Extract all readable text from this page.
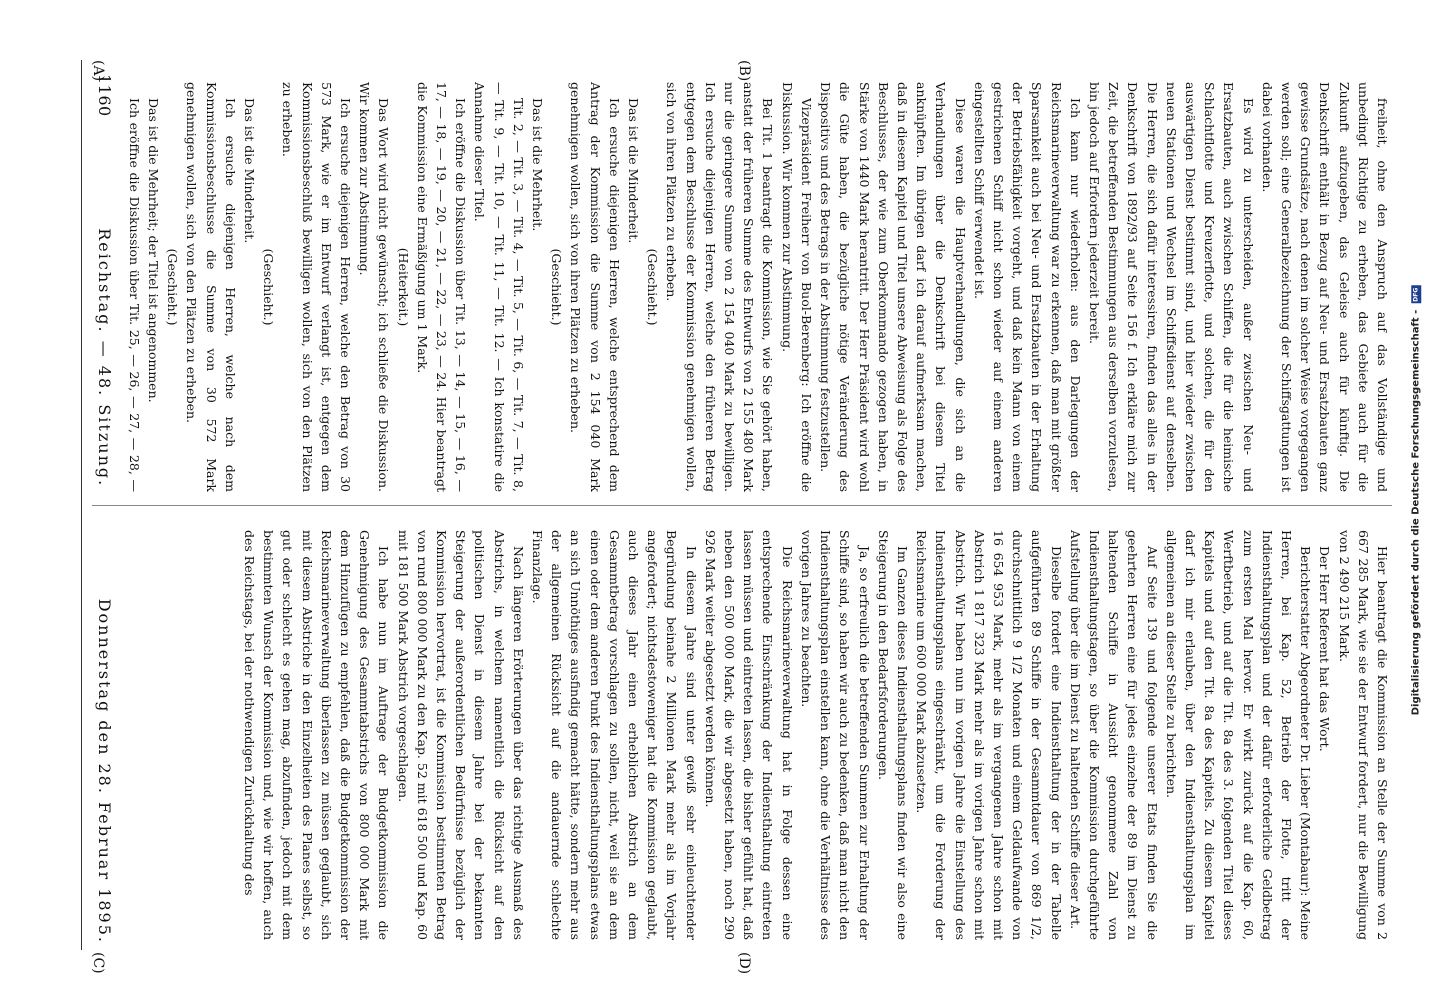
1160
Reichstag. — 48. Sitzung.
Donnerstag den 28. Februar 1895.
(A)	(B)
(C)	(D)

freiheit, ohne den Anspruch auf das Vollständige und unbedingt Richtige zu erheben, das Gebiete auch für die Zukunft aufzugeben, das Geleise auch für künftig. Die Denkschrift enthält in Bezug auf Neu- und Ersatzbauten ganz gewisse Grundsätze, nach denen im solcher Weise vorgegangen werden soll; eine Generalbezeichnung der Schiffsgattungen ist dabei vorhanden.

Es wird zu unterscheiden, außer zwischen Neu- und Ersatzbauten, auch zwischen Schiffen, die für die heimische Schlachtflotte und Kreuzerflotte, und solchen, die für den auswärtigen Dienst bestimmt sind, und hier wieder zwischen neuen Stationen und Wechsel im Schiffsdienst auf denselben. Die Herren, die sich dafür interessiren, finden das alles in der Denkschrift von 1892/93 auf Seite 156 f. Ich erkläre mich zur Zeit, die betreffenden Bestimmungen aus derselben vorzulesen, bin jedoch auf Erfordern jederzeit bereit.

Ich kann nur wiederholen: aus den Darlegungen der Reichsmarineverwaltung war zu erkennen, daß man mit größter Sparsamkeit auch bei Neu- und Ersatzbauten in der Erhaltung der Betriebsfähigkeit vorgeht, und daß kein Mann von einem gestrichenen Schiff nicht schon wieder auf einem anderen eingestellten Schiff verwendet ist.

Diese waren die Hauptverhandlungen, die sich an die Verhandlungen über die Denkschrift bei diesem Titel anknüpften. Im übrigen darf ich darauf aufmerksam machen, daß in diesem Kapitel und Titel unsere Abweisung als Folge des Beschlusses, der wie zum Oberkommando gezogen haben, in Stärke von 1440 Mark herantritt. Der Herr Präsident wird wohl die Güte haben, die bezügliche nötige Veränderung des Dispositivs und des Betrags in der Abstimmung festzustellen.

Vizepräsident Freiherr von Buol-Berenberg: Ich eröffne die Diskussion. Wir kommen zur Abstimmung.

Bei Tit. 1 beantragt die Kommission, wie Sie gehört haben, anstatt der früheren Summe des Entwurfs von 2 155 480 Mark nur die geringere Summe von 2 154 040 Mark zu bewilligen. Ich ersuche diejenigen Herren, welche den früheren Betrag entgegen dem Beschlusse der Kommission genehmigen wollen, sich von ihren Plätzen zu erheben.

(Geschieht.)

Das ist die Minderheit.

Ich ersuche diejenigen Herren, welche entsprechend dem Antrag der Kommission die Summe von 2 154 040 Mark genehmigen wollen, sich von ihren Plätzen zu erheben.

(Geschieht.)

Das ist die Mehrheit.

Tit. 2, — Tit. 3, — Tit. 4, — Tit. 5, — Tit. 6, — Tit. 7, — Tit. 8, — Tit. 9, — Tit. 10, — Tit. 11, — Tit. 12. — Ich konstatire die Annahme dieser Titel.

Ich eröffne die Diskussion über Tit. 13, — 14, — 15, — 16, — 17, — 18, — 19, — 20, — 21, — 22, — 23, — 24. Hier beantragt die Kommission eine Ermäßigung um 1 Mark.

(Heiterkeit.)

Das Wort wird nicht gewünscht; ich schließe die Diskussion. Wir kommen zur Abstimmung.

Ich ersuche diejenigen Herren, welche den Betrag von 30 573 Mark, wie er im Entwurf verlangt ist, entgegen dem Kommissionsbeschluß bewilligen wollen, sich von den Plätzen zu erheben.

(Geschieht.)

Das ist die Minderheit.

Ich ersuche diejenigen Herren, welche nach dem Kommissionsbeschlusse die Summe von 30 572 Mark genehmigen wollen, sich von den Plätzen zu erheben.

(Geschieht.)

Das ist die Mehrheit; der Titel ist angenommen.

Ich eröffne die Diskussion über Tit. 25, — 26, — 27, — 28, —

Hier beantragt die Kommission an Stelle der Summe von 2 667 285 Mark, wie sie der Entwurf fordert, nur die Bewilligung von 2 490 215 Mark.

Der Herr Referent hat das Wort.

Berichterstatter Abgeordneter Dr. Lieber (Montabaur): Meine Herren, bei Kap. 52, Betrieb der Flotte, tritt der Indiensthaltungsplan und der dafür erforderliche Geldbetrag zum ersten Mal hervor. Er wirkt zurück auf die Kap. 60, Werftbetrieb, und auf die Tit. 8a des 3. folgenden Titel dieses Kapitels und auf den Tit. 8a des Kapitels. Zu diesem Kapitel darf ich mir erlauben, über den Indiensthaltungsplan im allgemeinen an dieser Stelle zu berichten.

Auf Seite 139 und folgende unserer Etats finden Sie die geehrten Herren eine für jedes einzelne der 89 im Dienst zu haltenden Schiffe in Aussicht genommene Zahl von Indiensthaltungstagen, so über die Kommission durchgeführte Aufstellung über die im Dienst zu haltenden Schiffe dieser Art.

Dieselbe fordert eine Indiensthaltung der in der Tabelle aufgeführten 89 Schiffe in der Gesammtdauer von 869 1/2, durchschnittlich 9 1/2 Monaten und einem Geldaufwande von 16 654 953 Mark, mehr als im vergangenen Jahre schon mit Abstrich 1 817 323 Mark mehr als im vorigen Jahre schon mit Abstrich. Wir haben nun im vorigen Jahre die Einstellung des Indiensthaltungsplans eingeschränkt, um die Forderung der Reichsmarine um 600 000 Mark abzusetzen.

Im Ganzen dieses Indiensthaltungsplans finden wir also eine Steigerung in den Bedarfsforderungen.

Ja, so erfreulich die betreffenden Summen zur Erhaltung der Schiffe sind, so haben wir auch zu bedenken, daß man nicht den Indiensthaltungsplan einstellen kann, ohne die Verhältnisse des vorigen Jahres zu beachten.

Die Reichsmarineverwaltung hat in Folge dessen eine entsprechende Einschränkung der Indiensthaltung eintreten lassen müssen und eintreten lassen, die bisher gefühlt hat, daß neben den 500 000 Mark, die wir abgesetzt haben, noch 290 926 Mark weiter abgesetzt werden können.

In diesem Jahre sind unter gewiß sehr einleuchtender Begründung beinahe 2 Millionen Mark mehr als im Vorjahr angefordert; nichtsdestoweniger hat die Kommission geglaubt, auch dieses Jahr einen erheblichen Abstrich an dem Gesammtbetrag vorschlagen zu sollen, nicht, weil sie an dem einen oder dem anderen Punkt des Indiensthaltungsplans etwas an sich Unnöthiges ausfindig gemacht hätte, sondern mehr aus der allgemeinen Rücksicht auf die andauernde schlechte Finanzlage.

Nach längeren Erörterungen über das richtige Ausmaß des Abstrichs, in welchem namentlich die Rücksicht auf den politischen Dienst in diesem Jahre bei der bekannten Steigerung der außerordentlichen Bedürfnisse bezüglich der Kommission hervortrat, ist die Kommission bestimmten Betrag von rund 800 000 Mark zu den Kap. 52 mit 618 500 und Kap. 60 mit 181 500 Mark Abstrich vorgeschlagen.

Ich habe nun im Auftrage der Budgetkommission die Genehmigung des Gesammtabstrichs von 800 000 Mark mit dem Hinzufügen zu empfehlen, daß die Budgetkommission der Reichsmarineverwaltung überlassen zu müssen geglaubt, sich mit diesem Abstriche in den Einzelheiten des Planes selbst, so gut oder schlecht es gehen mag, abzufinden, jedoch mit dem bestimmten Wunsch der Kommission und, wie wir hoffen, auch des Reichstags, bei der nothwendigen Zurückhaltung des	Digitalisierung gefördert durch die Deutsche Forschungsgemeinschaft -
DFG
